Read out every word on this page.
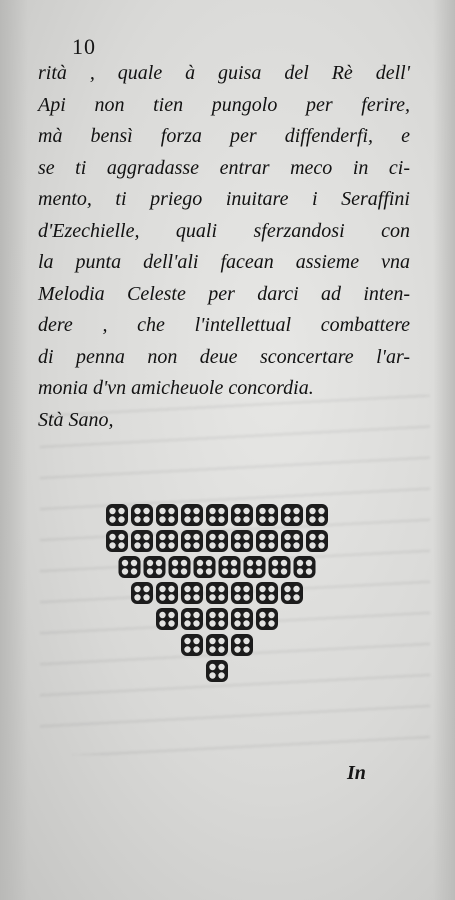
10
rità , quale à guisa del Rè dell'
Api non tien pungolo per ferire,
mà bensì forza per diffenderfi, e
se ti aggradasse entrar meco in ci-
mento, ti priego inuitare i Seraffini
d'Ezechielle, quali sferzandosi con
la punta dell'ali facean assieme vna
Melodia Celeste per darci ad inten-
dere , che l'intellettual combattere
di penna non deue sconcertare l'ar-
monia d'vn amicheuole concordia.
Stà Sano,
In
